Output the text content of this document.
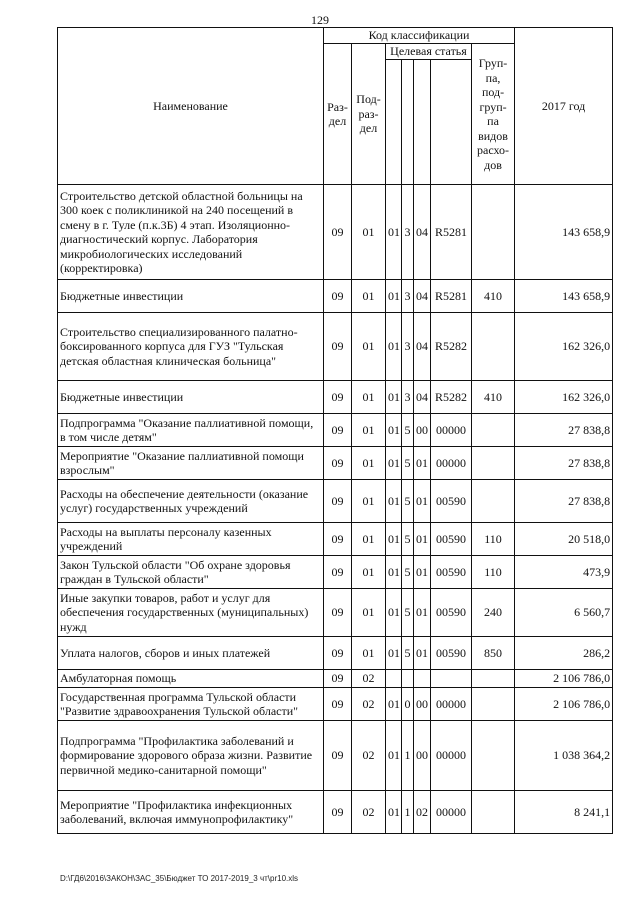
129
Наименование	Код классификации							2017 год
	Раз- дел	Под- раз- дел	Целевая статья				Груп- па, под- груп- па видов расхо- дов	

Строительство детской областной больницы на 300 коек с поликлиникой на 240 посещений в смену в г. Туле (п.к.3Б) 4 этап. Изоляционно-диагностический корпус. Лаборатория микробиологических исследований (корректировка)	09	01	01	3	04	R5281		143 658,9
Бюджетные инвестиции	09	01	01	3	04	R5281	410	143 658,9
Строительство специализированного палатно-боксированного корпуса для ГУЗ "Тульская детская областная клиническая больница"	09	01	01	3	04	R5282		162 326,0
Бюджетные инвестиции	09	01	01	3	04	R5282	410	162 326,0
Подпрограмма "Оказание паллиативной помощи, в том числе детям"	09	01	01	5	00	00000		27 838,8
Мероприятие "Оказание паллиативной помощи взрослым"	09	01	01	5	01	00000		27 838,8
Расходы на обеспечение деятельности (оказание услуг) государственных учреждений	09	01	01	5	01	00590		27 838,8
Расходы на выплаты персоналу казенных учреждений	09	01	01	5	01	00590	110	20 518,0
Закон Тульской области "Об охране здоровья граждан в Тульской области"	09	01	01	5	01	00590	110	473,9
Иные закупки товаров, работ и услуг для обеспечения государственных (муниципальных) нужд	09	01	01	5	01	00590	240	6 560,7
Уплата налогов, сборов и иных платежей	09	01	01	5	01	00590	850	286,2
Амбулаторная помощь	09	02						2 106 786,0
Государственная программа Тульской области "Развитие здравоохранения Тульской области"	09	02	01	0	00	00000		2 106 786,0
Подпрограмма "Профилактика заболеваний и формирование здорового образа жизни. Развитие первичной медико-санитарной помощи"	09	02	01	1	00	00000		1 038 364,2
Мероприятие "Профилактика инфекционных заболеваний, включая иммунопрофилактику"	09	02	01	1	02	00000		8 241,1
D:\ГД6\2016\ЗАКОН\ЗАС_35\Бюджет ТО 2017-2019_3 чт\pr10.xls
